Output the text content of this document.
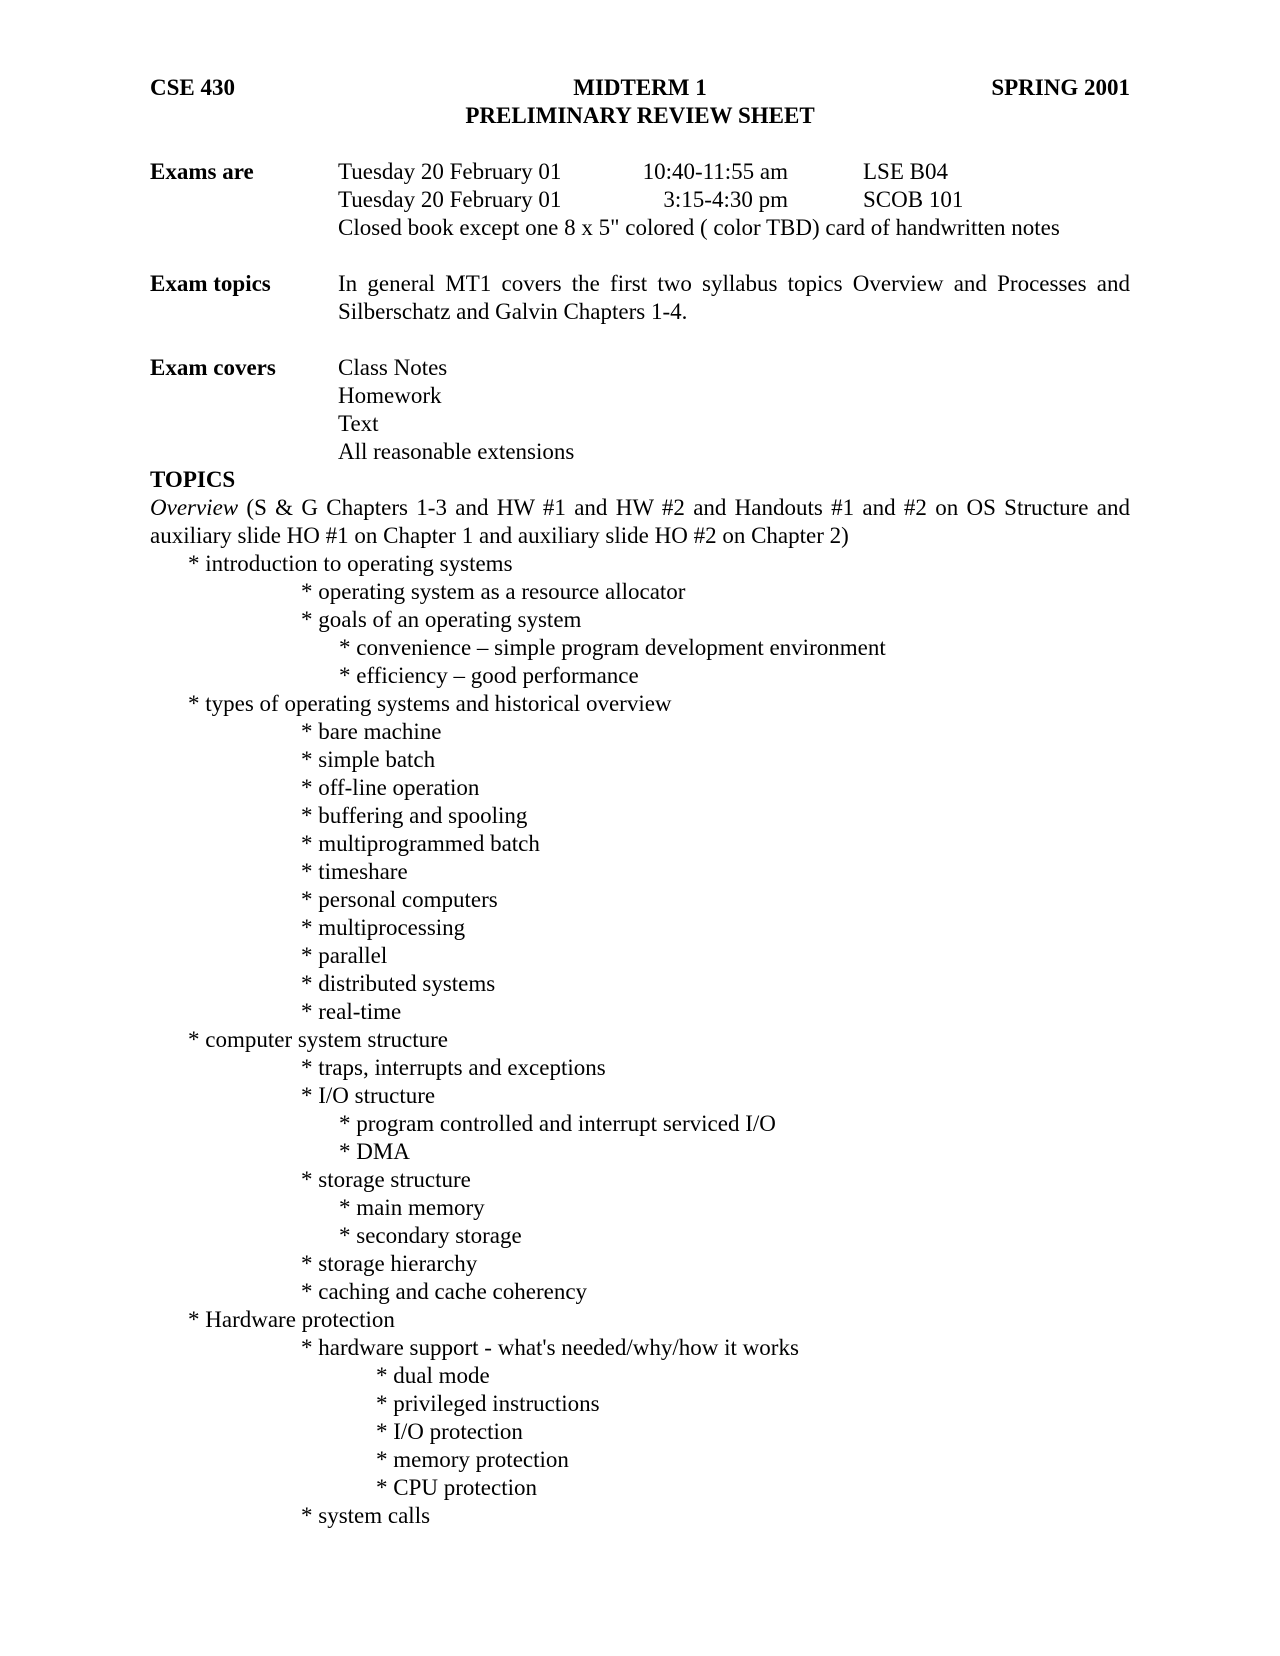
CSE 430	MIDTERM 1	SPRING 2001
PRELIMINARY REVIEW SHEET
Exams are	Tuesday 20 February 01	10:40-11:55 am	LSE B04
Tuesday 20 February 01	3:15-4:30 pm	SCOB 101
Closed book except one 8 x 5" colored ( color TBD) card of handwritten notes
Exam topics	In general MT1 covers the first two syllabus topics Overview and Processes and Silberschatz and Galvin Chapters 1-4.
Exam covers	Class Notes
Homework
Text
All reasonable extensions
TOPICS
Overview (S & G Chapters 1-3 and HW #1 and HW #2 and Handouts #1 and #2 on OS Structure and auxiliary slide HO #1 on Chapter 1 and auxiliary slide HO #2 on Chapter 2)
* introduction to operating systems
* operating system as a resource allocator
* goals of an operating system
* convenience – simple program development environment
* efficiency – good performance
* types of operating systems and historical overview
* bare machine
* simple batch
* off-line operation
* buffering and spooling
* multiprogrammed batch
* timeshare
* personal computers
* multiprocessing
* parallel
* distributed systems
* real-time
* computer system structure
* traps, interrupts and exceptions
* I/O structure
* program controlled and interrupt serviced I/O
* DMA
* storage structure
* main memory
* secondary storage
* storage hierarchy
* caching and cache coherency
* Hardware protection
* hardware support - what's needed/why/how it works
* dual mode
* privileged instructions
* I/O protection
* memory protection
* CPU protection
* system calls
